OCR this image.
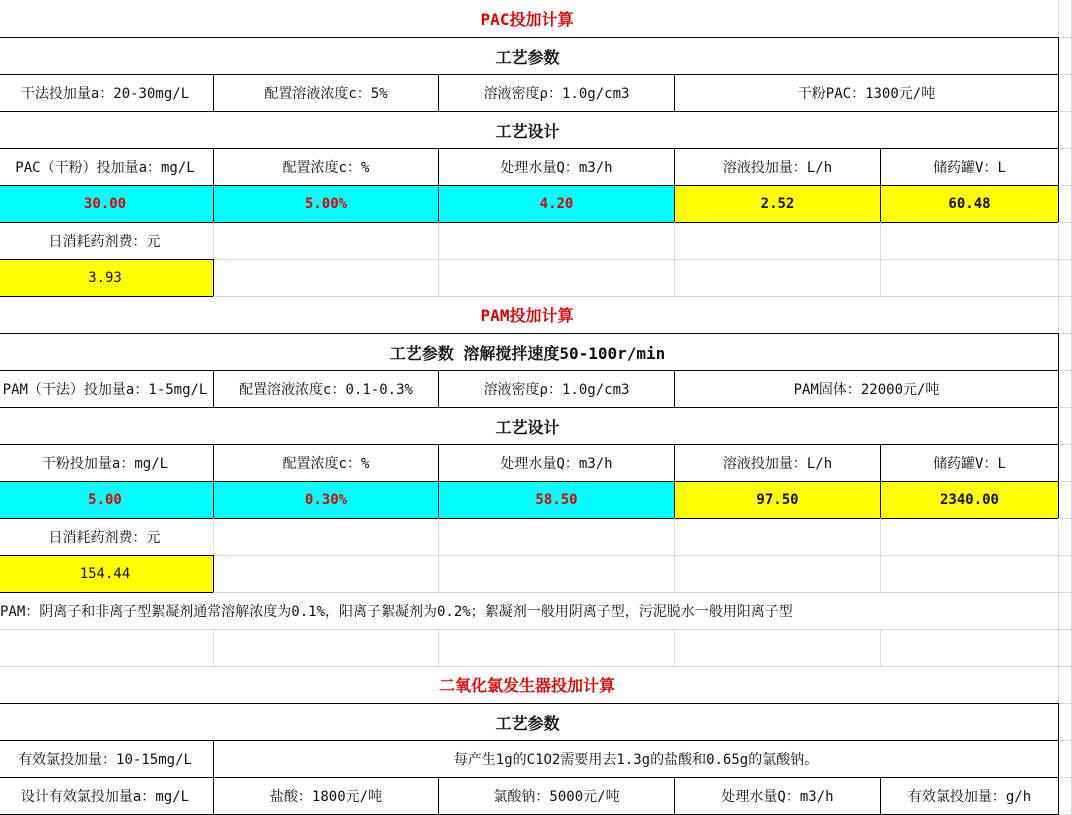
PAC投加计算
工艺参数
干法投加量a：20-30mg/L	配置溶液浓度c：5%	溶液密度ρ：1.0g/cm3	干粉PAC：1300元/吨
工艺设计
PAC（干粉）投加量a：mg/L	配置浓度c：%	处理水量Q：m3/h	溶液投加量：L/h	储药罐V：L
30.00	5.00%	4.20	2.52	60.48
日消耗药剂费：元
3.93
PAM投加计算
工艺参数 溶解搅拌速度50-100r/min
PAM（干法）投加量a：1-5mg/L	配置溶液浓度c：0.1-0.3%	溶液密度ρ：1.0g/cm3	PAM固体：22000元/吨
工艺设计
干粉投加量a：mg/L	配置浓度c：%	处理水量Q：m3/h	溶液投加量：L/h	储药罐V：L
5.00	0.30%	58.50	97.50	2340.00
日消耗药剂费：元
154.44
PAM：阴离子和非离子型絮凝剂通常溶解浓度为0.1%，阳离子絮凝剂为0.2%；絮凝剂一般用阴离子型，污泥脱水一般用阳离子型
二氧化氯发生器投加计算
工艺参数
有效氯投加量：10-15mg/L	每产生1g的C1O2需要用去1.3g的盐酸和0.65g的氯酸钠。
设计有效氯投加量a：mg/L	盐酸：1800元/吨	氯酸钠：5000元/吨	处理水量Q：m3/h	有效氯投加量：g/h
